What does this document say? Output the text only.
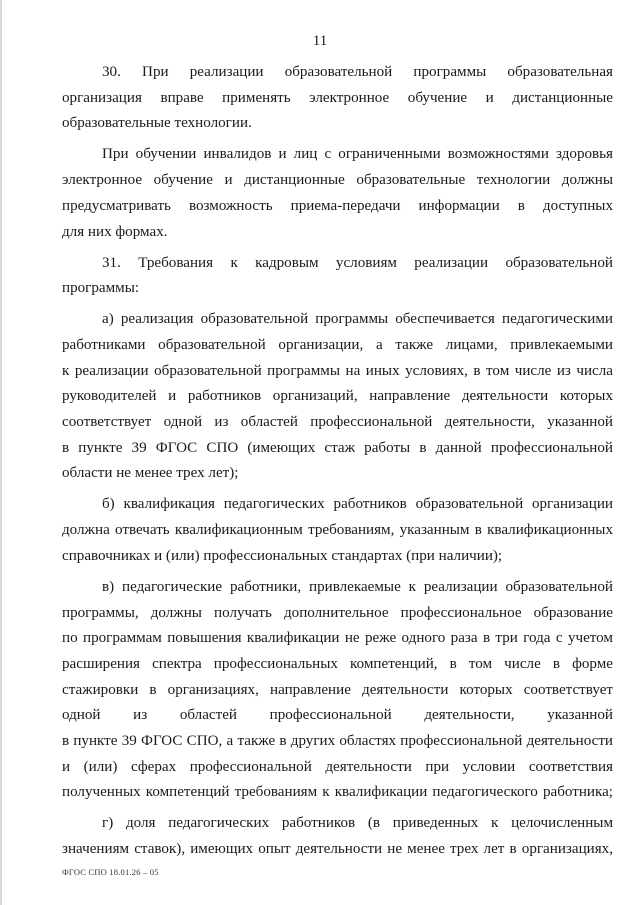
11
30. При реализации образовательной программы образовательная
организация вправе применять электронное обучение и дистанционные
образовательные технологии.
При обучении инвалидов и лиц с ограниченными возможностями здоровья
электронное обучение и дистанционные образовательные технологии должны
предусматривать возможность приема-передачи информации в доступных
для них формах.
31. Требования к кадровым условиям реализации образовательной
программы:
а) реализация образовательной программы обеспечивается педагогическими
работниками образовательной организации, а также лицами, привлекаемыми
к реализации образовательной программы на иных условиях, в том числе из числа
руководителей и работников организаций, направление деятельности которых
соответствует одной из областей профессиональной деятельности, указанной
в пункте 39 ФГОС СПО (имеющих стаж работы в данной профессиональной
области не менее трех лет);
б) квалификация педагогических работников образовательной организации
должна отвечать квалификационным требованиям, указанным в квалификационных
справочниках и (или) профессиональных стандартах (при наличии);
в) педагогические работники, привлекаемые к реализации образовательной
программы, должны получать дополнительное профессиональное образование
по программам повышения квалификации не реже одного раза в три года с учетом
расширения спектра профессиональных компетенций, в том числе в форме
стажировки в организациях, направление деятельности которых соответствует
одной из областей профессиональной деятельности, указанной
в пункте 39 ФГОС СПО, а также в других областях профессиональной деятельности
и (или) сферах профессиональной деятельности при условии соответствия
полученных компетенций требованиям к квалификации педагогического работника;
г) доля педагогических работников (в приведенных к целочисленным
значениям ставок), имеющих опыт деятельности не менее трех лет в организациях,
ФГОС СПО 18.01.26 – 05
